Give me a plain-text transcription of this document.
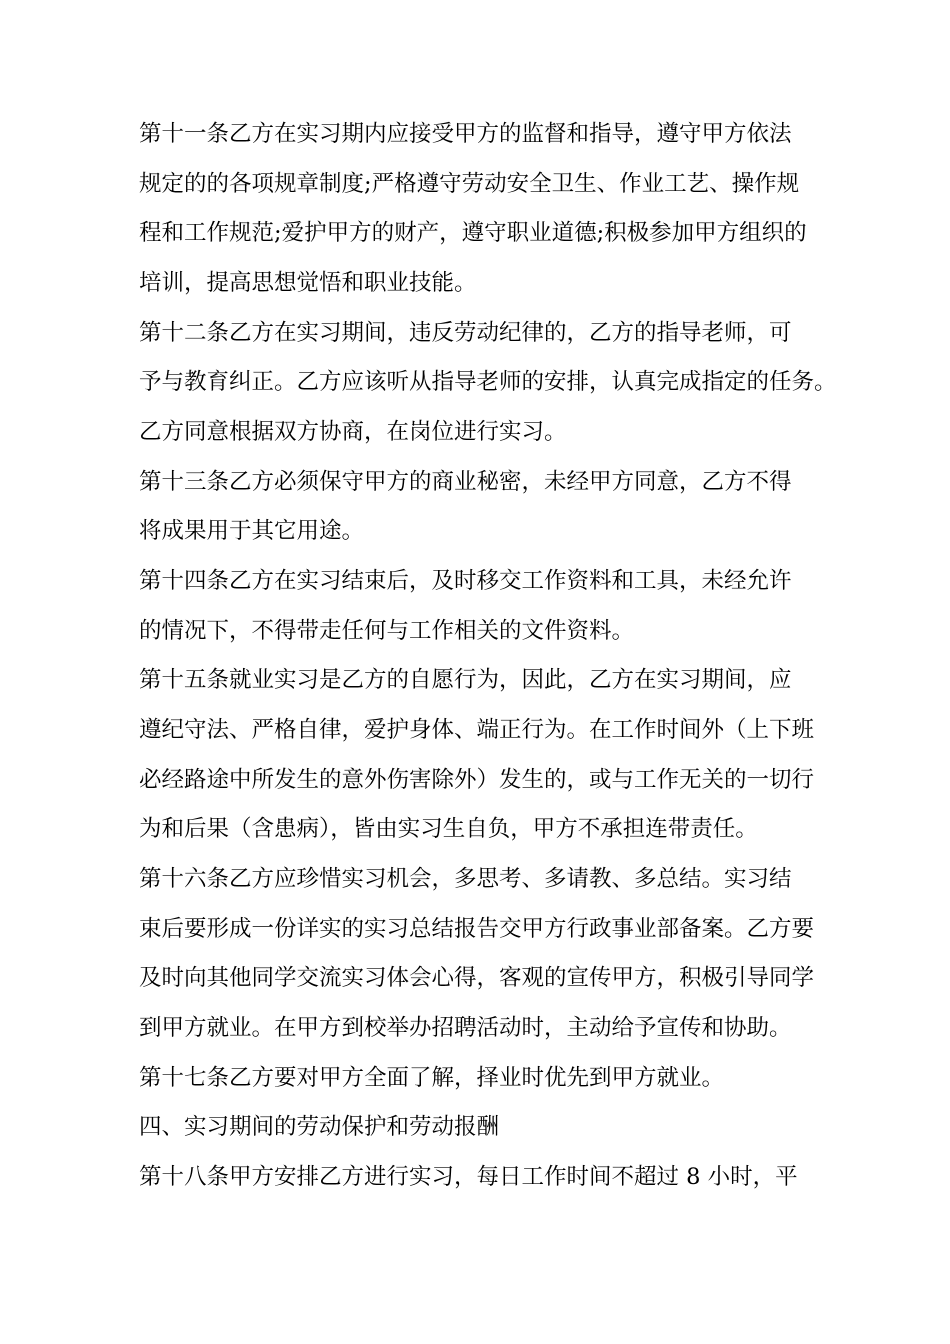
第十一条乙方在实习期内应接受甲方的监督和指导，遵守甲方依法
规定的的各项规章制度;严格遵守劳动安全卫生、作业工艺、操作规
程和工作规范;爱护甲方的财产，遵守职业道德;积极参加甲方组织的
培训，提高思想觉悟和职业技能。
第十二条乙方在实习期间，违反劳动纪律的，乙方的指导老师，可
予与教育纠正。乙方应该听从指导老师的安排，认真完成指定的任务。
乙方同意根据双方协商，在岗位进行实习。
第十三条乙方必须保守甲方的商业秘密，未经甲方同意，乙方不得
将成果用于其它用途。
第十四条乙方在实习结束后，及时移交工作资料和工具，未经允许
的情况下，不得带走任何与工作相关的文件资料。
第十五条就业实习是乙方的自愿行为，因此，乙方在实习期间，应
遵纪守法、严格自律，爱护身体、端正行为。在工作时间外（上下班
必经路途中所发生的意外伤害除外）发生的，或与工作无关的一切行
为和后果（含患病），皆由实习生自负，甲方不承担连带责任。
第十六条乙方应珍惜实习机会，多思考、多请教、多总结。实习结
束后要形成一份详实的实习总结报告交甲方行政事业部备案。乙方要
及时向其他同学交流实习体会心得，客观的宣传甲方，积极引导同学
到甲方就业。在甲方到校举办招聘活动时，主动给予宣传和协助。
第十七条乙方要对甲方全面了解，择业时优先到甲方就业。
四、实习期间的劳动保护和劳动报酬
第十八条甲方安排乙方进行实习，每日工作时间不超过 8 小时，平
